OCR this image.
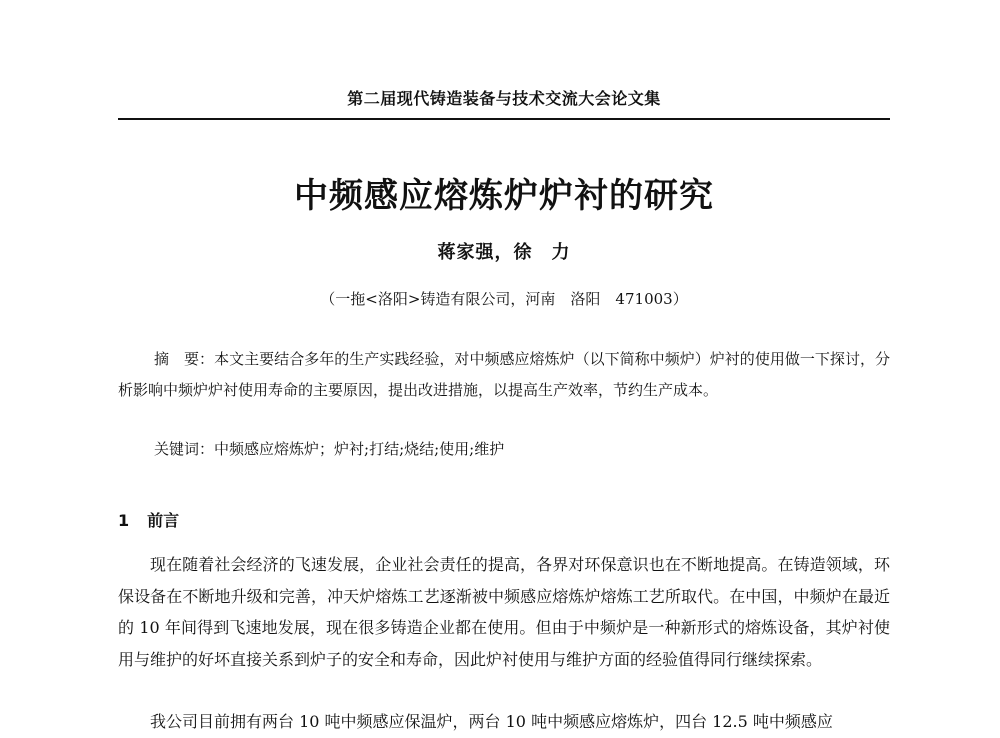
第二届现代铸造装备与技术交流大会论文集
中频感应熔炼炉炉衬的研究
蒋家强，徐　力
（一拖<洛阳>铸造有限公司，河南　洛阳　471003）

摘　要：本文主要结合多年的生产实践经验，对中频感应熔炼炉（以下简称中频炉）炉衬的使用做一下探讨，分析影响中频炉炉衬使用寿命的主要原因，提出改进措施，以提高生产效率，节约生产成本。

关键词：中频感应熔炼炉；炉衬;打结;烧结;使用;维护

1 前言

现在随着社会经济的飞速发展，企业社会责任的提高，各界对环保意识也在不断地提高。在铸造领域，环保设备在不断地升级和完善，冲天炉熔炼工艺逐渐被中频感应熔炼炉熔炼工艺所取代。在中国，中频炉在最近的 10 年间得到飞速地发展，现在很多铸造企业都在使用。但由于中频炉是一种新形式的熔炼设备，其炉衬使用与维护的好坏直接关系到炉子的安全和寿命，因此炉衬使用与维护方面的经验值得同行继续探索。

我公司目前拥有两台 10 吨中频感应保温炉，两台 10 吨中频感应熔炼炉，四台 12.5 吨中频感应
